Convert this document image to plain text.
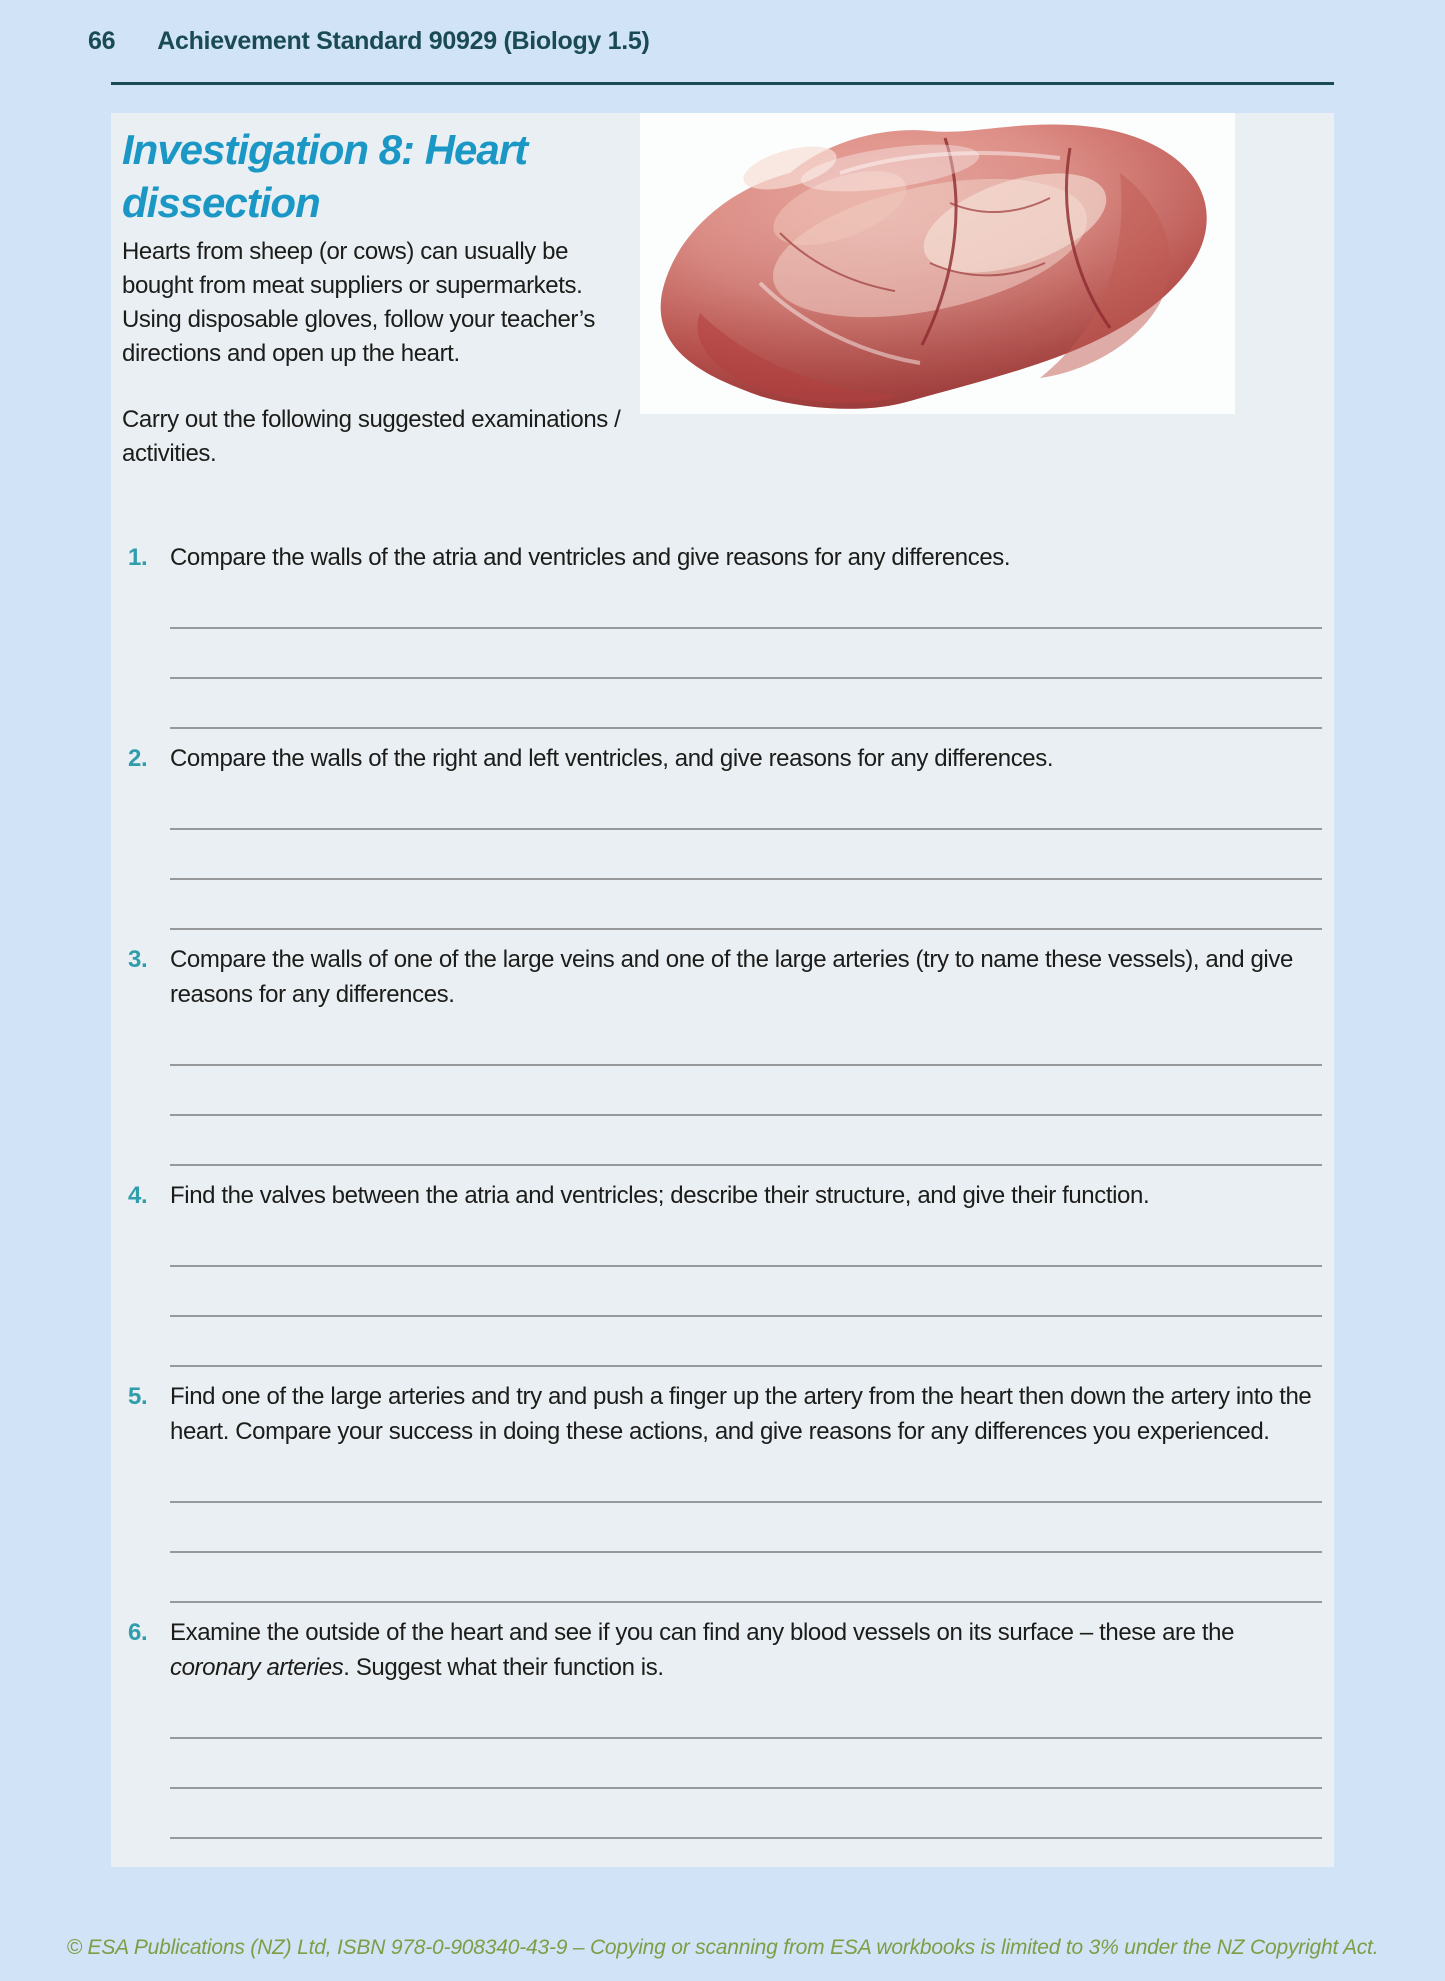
66 Achievement Standard 90929 (Biology 1.5)
Investigation 8: Heart dissection

Hearts from sheep (or cows) can usually be bought from meat suppliers or supermarkets. Using disposable gloves, follow your teacher’s directions and open up the heart.

Carry out the following suggested examinations / activities.

1. Compare the walls of the atria and ventricles and give reasons for any differences.
2. Compare the walls of the right and left ventricles, and give reasons for any differences.
3. Compare the walls of one of the large veins and one of the large arteries (try to name these vessels), and give reasons for any differences.
4. Find the valves between the atria and ventricles; describe their structure, and give their function.
5. Find one of the large arteries and try and push a finger up the artery from the heart then down the artery into the heart. Compare your success in doing these actions, and give reasons for any differences you experienced.
6. Examine the outside of the heart and see if you can find any blood vessels on its surface – these are the coronary arteries. Suggest what their function is.
© ESA Publications (NZ) Ltd, ISBN 978-0-908340-43-9 – Copying or scanning from ESA workbooks is limited to 3% under the NZ Copyright Act.
